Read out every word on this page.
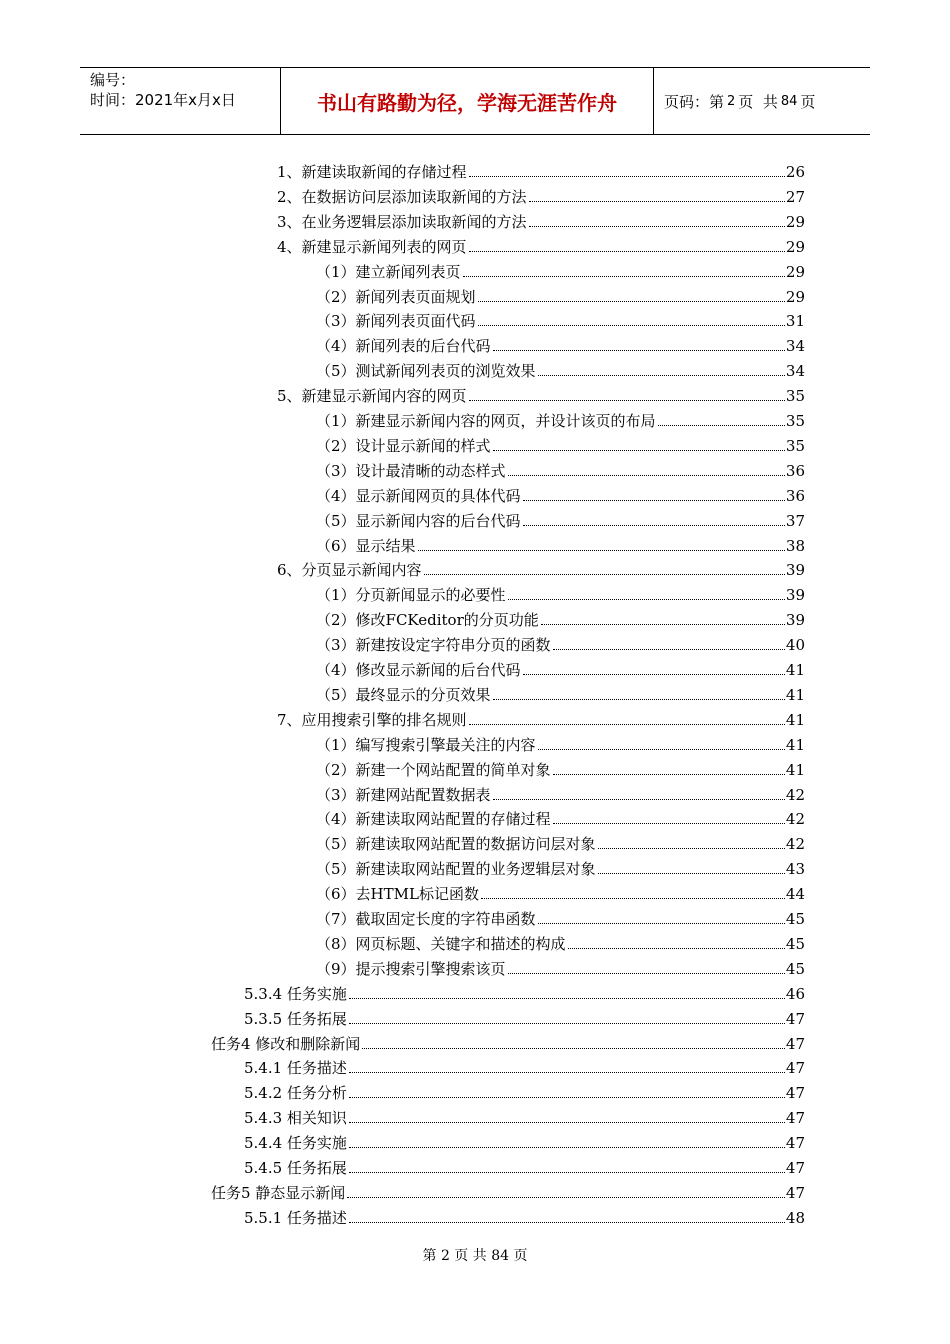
编号：
时间：2021年x月x日	书山有路勤为径，学海无涯苦作舟	页码：第 2 页  共 84 页
1、新建读取新闻的存储过程	26
2、在数据访问层添加读取新闻的方法	27
3、在业务逻辑层添加读取新闻的方法	29
4、新建显示新闻列表的网页	29
（1）建立新闻列表页	29
（2）新闻列表页面规划	29
（3）新闻列表页面代码	31
（4）新闻列表的后台代码	34
（5）测试新闻列表页的浏览效果	34
5、新建显示新闻内容的网页	35
（1）新建显示新闻内容的网页，并设计该页的布局	35
（2）设计显示新闻的样式	35
（3）设计最清晰的动态样式	36
（4）显示新闻网页的具体代码	36
（5）显示新闻内容的后台代码	37
（6）显示结果	38
6、分页显示新闻内容	39
（1）分页新闻显示的必要性	39
（2）修改FCKeditor的分页功能	39
（3）新建按设定字符串分页的函数	40
（4）修改显示新闻的后台代码	41
（5）最终显示的分页效果	41
7、应用搜索引擎的排名规则	41
（1）编写搜索引擎最关注的内容	41
（2）新建一个网站配置的简单对象	41
（3）新建网站配置数据表	42
（4）新建读取网站配置的存储过程	42
（5）新建读取网站配置的数据访问层对象	42
（5）新建读取网站配置的业务逻辑层对象	43
（6）去HTML标记函数	44
（7）截取固定长度的字符串函数	45
（8）网页标题、关键字和描述的构成	45
（9）提示搜索引擎搜索该页	45
5.3.4 任务实施	46
5.3.5 任务拓展	47
任务4 修改和删除新闻	47
5.4.1 任务描述	47
5.4.2 任务分析	47
5.4.3 相关知识	47
5.4.4 任务实施	47
5.4.5 任务拓展	47
任务5 静态显示新闻	47
5.5.1 任务描述	48
第 2 页 共 84 页
